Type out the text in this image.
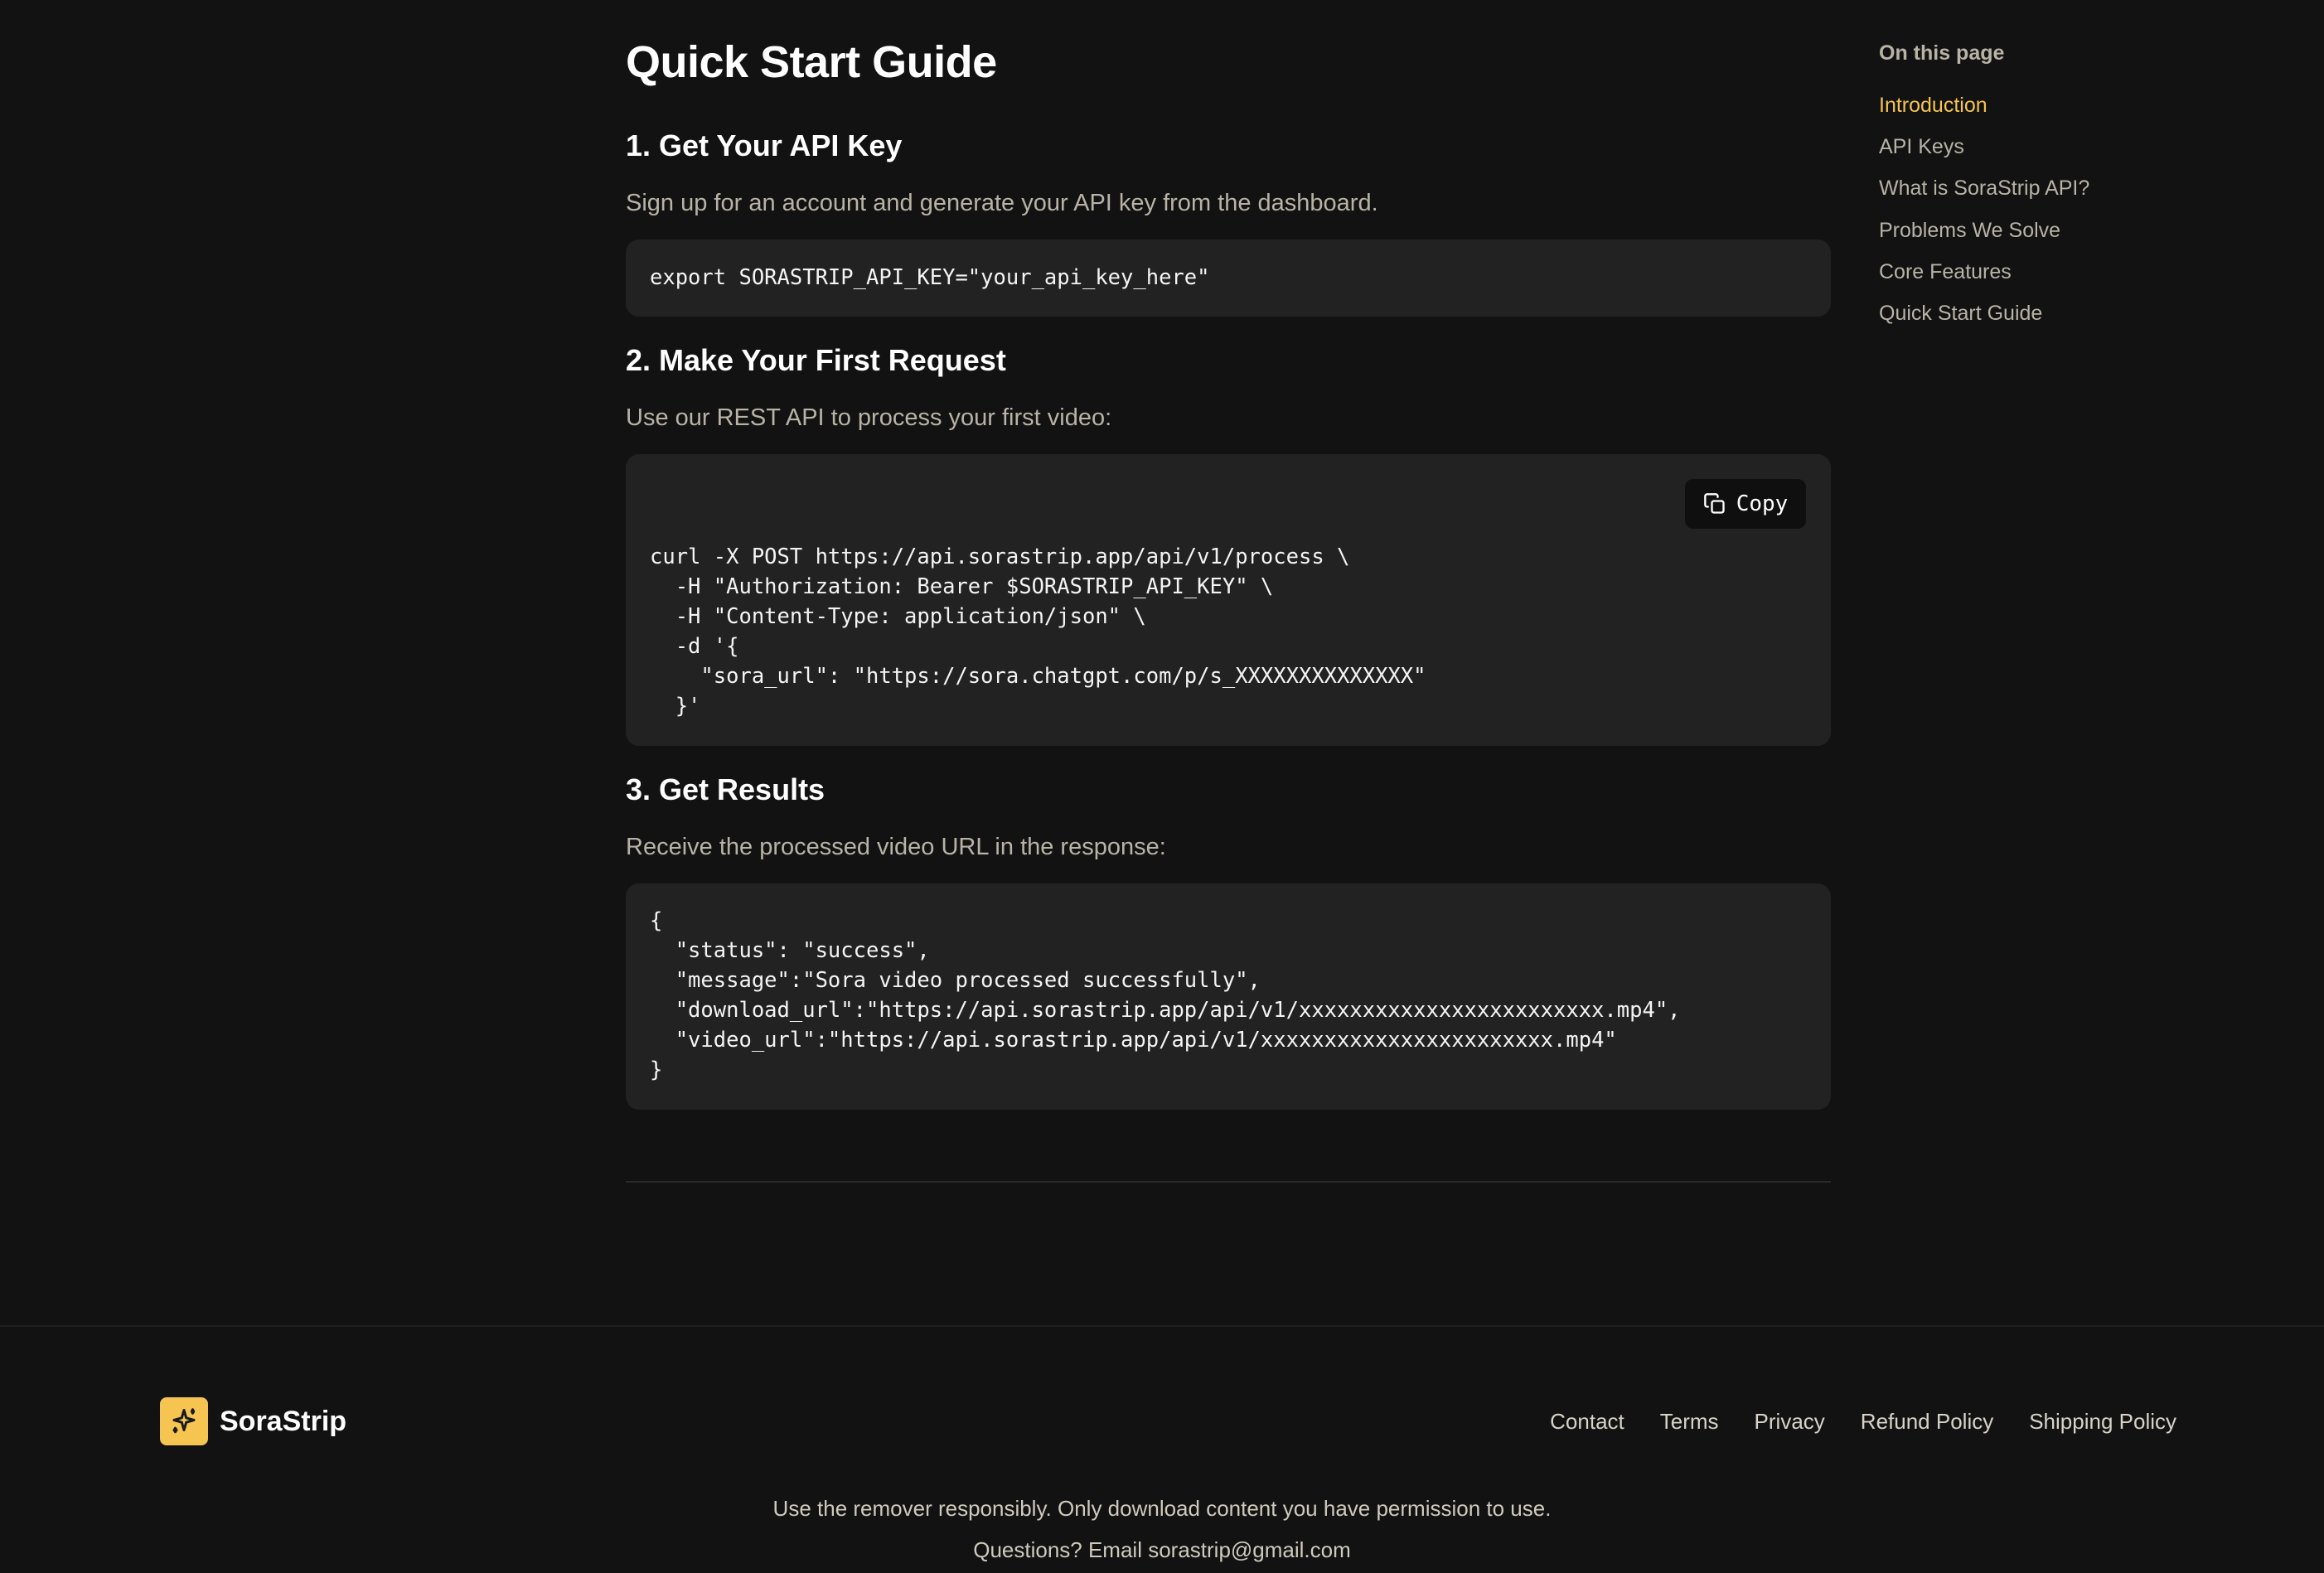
Quick Start Guide
1. Get Your API Key

Sign up for an account and generate your API key from the dashboard.

export SORASTRIP_API_KEY="your_api_key_here"
2. Make Your First Request

Use our REST API to process your first video:

Copy
curl -X POST https://api.sorastrip.app/api/v1/process \
-H "Authorization: Bearer $SORASTRIP_API_KEY" \
-H "Content-Type: application/json" \
-d '{
"sora_url": "https://sora.chatgpt.com/p/s_XXXXXXXXXXXXXX"
}'
3. Get Results

Receive the processed video URL in the response:

{
"status": "success",
"message":"Sora video processed successfully",
"download_url":"https://api.sorastrip.app/api/v1/xxxxxxxxxxxxxxxxxxxxxxxx.mp4",
"video_url":"https://api.sorastrip.app/api/v1/xxxxxxxxxxxxxxxxxxxxxxx.mp4"
}
On this page
Introduction
API Keys
What is SoraStrip API?
Problems We Solve
Core Features
Quick Start Guide
SoraStrip	Contact Terms Privacy Refund Policy Shipping Policy

Use the remover responsibly. Only download content you have permission to use.

Questions? Email sorastrip@gmail.com
